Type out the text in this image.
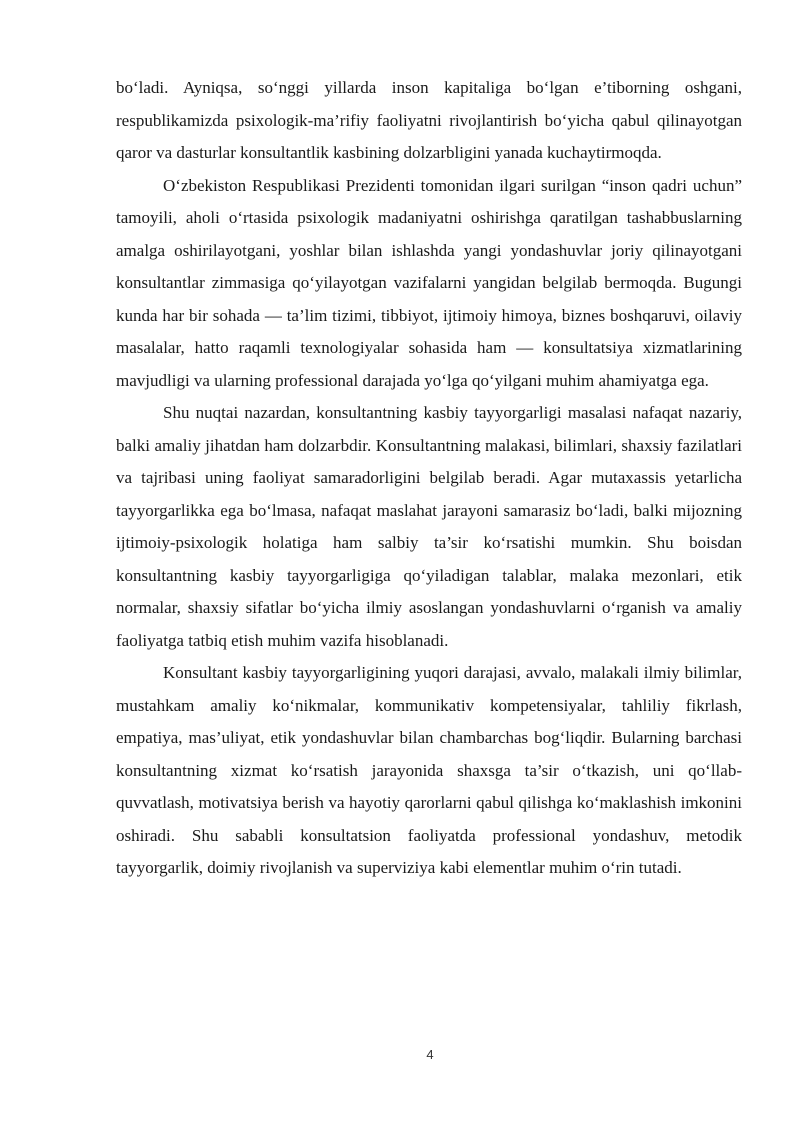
bo‘ladi. Ayniqsa, so‘nggi yillarda inson kapitaliga bo‘lgan e’tiborning oshgani, respublikamizda psixologik-ma’rifiy faoliyatni rivojlantirish bo‘yicha qabul qilinayotgan qaror va dasturlar konsultantlik kasbining dolzarbligini yanada kuchaytirmoqda.

O‘zbekiston Respublikasi Prezidenti tomonidan ilgari surilgan “inson qadri uchun” tamoyili, aholi o‘rtasida psixologik madaniyatni oshirishga qaratilgan tashabbuslarning amalga oshirilayotgani, yoshlar bilan ishlashda yangi yondashuvlar joriy qilinayotgani konsultantlar zimmasiga qo‘yilayotgan vazifalarni yangidan belgilab bermoqda. Bugungi kunda har bir sohada — ta’lim tizimi, tibbiyot, ijtimoiy himoya, biznes boshqaruvi, oilaviy masalalar, hatto raqamli texnologiyalar sohasida ham — konsultatsiya xizmatlarining mavjudligi va ularning professional darajada yo‘lga qo‘yilgani muhim ahamiyatga ega.

Shu nuqtai nazardan, konsultantning kasbiy tayyorgarligi masalasi nafaqat nazariy, balki amaliy jihatdan ham dolzarbdir. Konsultantning malakasi, bilimlari, shaxsiy fazilatlari va tajribasi uning faoliyat samaradorligini belgilab beradi. Agar mutaxassis yetarlicha tayyorgarlikka ega bo‘lmasa, nafaqat maslahat jarayoni samarasiz bo‘ladi, balki mijozning ijtimoiy-psixologik holatiga ham salbiy ta’sir ko‘rsatishi mumkin. Shu boisdan konsultantning kasbiy tayyorgarligiga qo‘yiladigan talablar, malaka mezonlari, etik normalar, shaxsiy sifatlar bo‘yicha ilmiy asoslangan yondashuvlarni o‘rganish va amaliy faoliyatga tatbiq etish muhim vazifa hisoblanadi.

Konsultant kasbiy tayyorgarligining yuqori darajasi, avvalo, malakali ilmiy bilimlar, mustahkam amaliy ko‘nikmalar, kommunikativ kompetensiyalar, tahliliy fikrlash, empatiya, mas’uliyat, etik yondashuvlar bilan chambarchas bog‘liqdir. Bularning barchasi konsultantning xizmat ko‘rsatish jarayonida shaxsga ta’sir o‘tkazish, uni qo‘llab-quvvatlash, motivatsiya berish va hayotiy qarorlarni qabul qilishga ko‘maklashish imkonini oshiradi. Shu sababli konsultatsion faoliyatda professional yondashuv, metodik tayyorgarlik, doimiy rivojlanish va superviziya kabi elementlar muhim o‘rin tutadi.

4
